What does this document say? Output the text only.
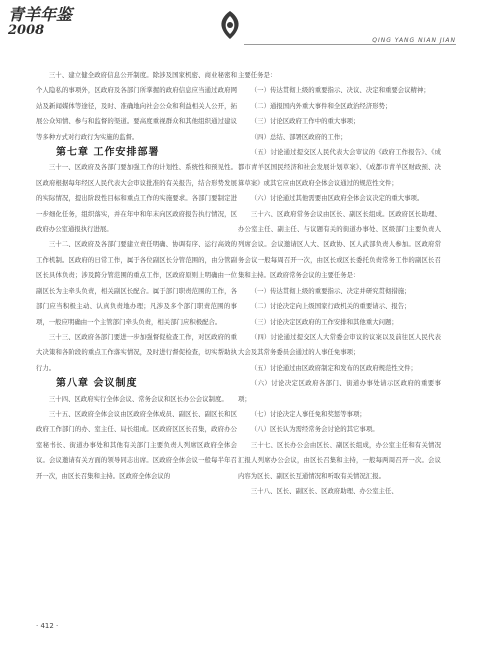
青羊年鉴
2008
QING YANG NIAN JIAN

三十、建立健全政府信息公开制度。除涉及国家机密、商业秘密和个人隐私的事项外，区政府及各部门所掌握的政府信息应当通过政府网站及新闻媒体等途径，及时、准确地向社会公众和利益相关人公开，拓展公众知情、参与和监督的渠道。要高度重视群众和其他组织通过建议等多种方式对行政行为实施的监督。

第七章 工作安排部署

三十一、区政府及各部门要加强工作的计划性、系统性和预见性。区政府根据每年经区人民代表大会审议批准的有关报告，结合形势发展的实际情况，提出阶段性目标和重点工作的实施要求。各部门要制定进一步细化任务，组织落实，并在年中和年末向区政府报告执行情况，区政府办公室通报执行进展。

三十二、区政府及各部门要建立责任明确、协调有序、运行高效的工作机制。区政府的日常工作，属于各位副区长分管范围的，由分管副区长具体负责；涉及跨分管范围的重点工作，区政府原则上明确由一位副区长为主牵头负责，相关副区长配合。属于部门职责范围的工作，各部门应当积极主动、认真负责地办理；凡涉及多个部门职责范围的事项，一般应明确由一个主管部门牵头负责，相关部门应积极配合。

三十三、区政府各部门要进一步加强督促检查工作，对区政府的重大决策和各阶段的重点工作落实情况，及时进行督促检查，切实帮助执行力。

第八章 会议制度

三十四、区政府实行全体会议、常务会议和区长办公会议制度。

三十五、区政府全体会议由区政府全体成员、副区长、副区长和区政府工作部门的办、室主任、局长组成。区政府区区长召集，政府办公室秘书长、街道办事处和其他有关部门主要负责人列席区政府全体会议。会议邀请有关方面的领导同志出席。区政府全体会议一般每半年召开一次，由区长召集和主持。区政府全体会议的

主要任务是：

（一）传达贯彻上级的重要指示、决议、决定和重要会议精神；

（二）通报国内外重大事件和全区政治经济形势；

（三）讨论区政府工作中的重大事项；

（四）总结、部署区政府的工作；

（五）讨论通过提交区人民代表大会审议的《政府工作报告》、《成都市青羊区国民经济和社会发展计划草案》、《成都市青羊区财政预、决算草案》或其它应由区政府全体会议通过的规范性文件；

（六）讨论通过其他需要由区政府全体会议决定的重大事项。

三十六、区政府常务会议由区长、副区长组成。区政府区长助理、办公室主任、副主任、与议题有关的街道办事处、区级部门主要负责人列席会议。会议邀请区人大、区政协、区人武部负责人参加。区政府常务会议一般每周召开一次，由区长或区长委托负责常务工作的副区长召集和主持。区政府常务会议的主要任务是：

（一）传达贯彻上级的重要指示、决定并研究贯彻措施；

（二）讨论决定向上级国家行政机关的重要请示、报告；

（三）讨论决定区政府的工作安排和其他重大问题；

（四）讨论通过提交区人大常委会审议的议案以及前往区人民代表大会及其常务委员会通过的人事任免事项；

（五）讨论通过由区政府制定和发布的区政府规范性文件；

（六）讨论决定区政府各部门、街道办事处请示区政府的重要事项；

（七）讨论决定人事任免和奖惩等事项；

（八）区长认为需经常务会讨论的其它事项。

三十七、区长办公会由区长、副区长组成，办公室主任和有关情况汇报人列席办公会议，由区长召集和主持，一般每两周召开一次。会议内容为区长、副区长互通情况和听取有关情况汇报。

三十八、区长、副区长、区政府助理、办公室主任、

· 412 ·
